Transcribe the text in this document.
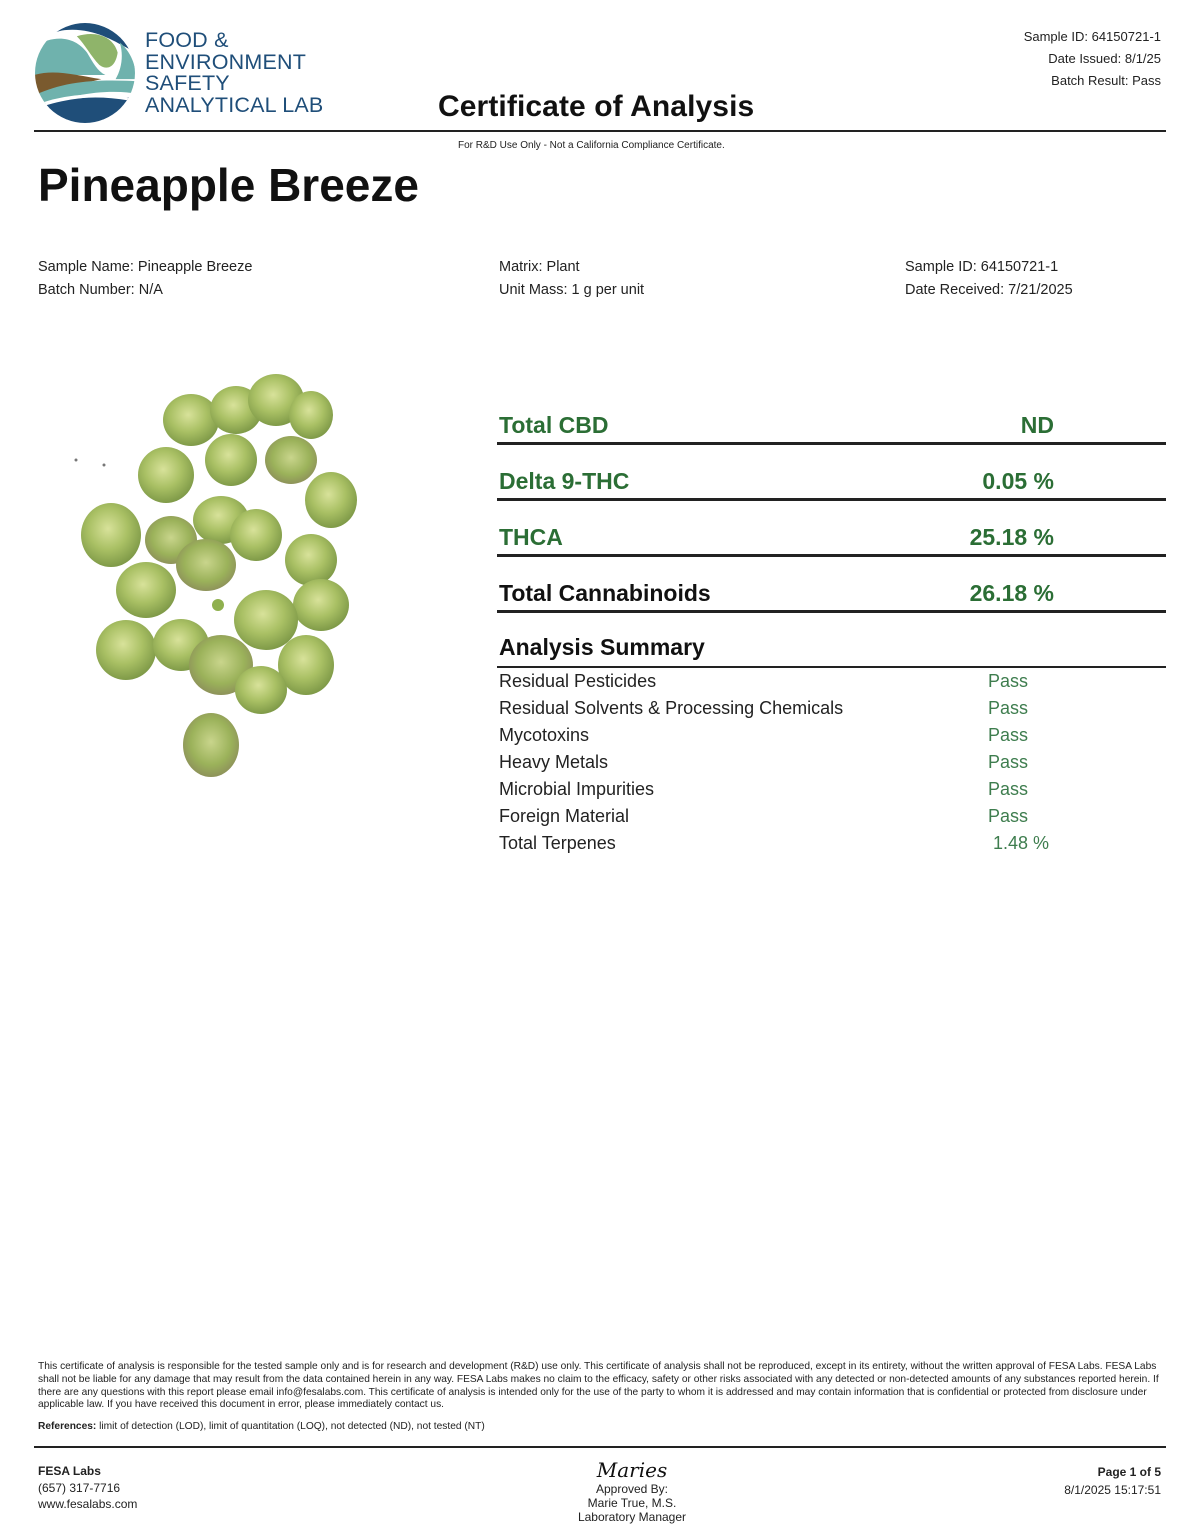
FOOD &
ENVIRONMENT
SAFETY
ANALYTICAL LAB
Sample ID: 64150721-1
Date Issued: 8/1/25
Batch Result: Pass
Certificate of Analysis
For R&D Use Only - Not a California Compliance Certificate.
Pineapple Breeze
Sample Name: Pineapple Breeze
Batch Number: N/A
Matrix: Plant
Unit Mass: 1 g per unit
Sample ID: 64150721-1
Date Received: 7/21/2025
Total CBD	ND
Delta 9-THC	0.05 %
THCA	25.18 %
Total Cannabinoids	26.18 %
Analysis Summary
Residual Pesticides	Pass
Residual Solvents & Processing Chemicals	Pass
Mycotoxins	Pass
Heavy Metals	Pass
Microbial Impurities	Pass
Foreign Material	Pass
Total Terpenes	1.48 %
This certificate of analysis is responsible for the tested sample only and is for research and development (R&D) use only. This certificate of analysis shall not be reproduced, except in its entirety, without the written approval of FESA Labs. FESA Labs shall not be liable for any damage that may result from the data contained herein in any way. FESA Labs makes no claim to the efficacy, safety or other risks associated with any detected or non-detected amounts of any substances reported herein. If there are any questions with this report please email info@fesalabs.com. This certificate of analysis is intended only for the use of the party to whom it is addressed and may contain information that is confidential or protected from disclosure under applicable law. If you have received this document in error, please immediately contact us.
References: limit of detection (LOD), limit of quantitation (LOQ), not detected (ND), not tested (NT)
FESA Labs
(657) 317-7716
www.fesalabs.com
Maries
Approved By:
Marie True, M.S.
Laboratory Manager
Page 1 of 5
8/1/2025 15:17:51
